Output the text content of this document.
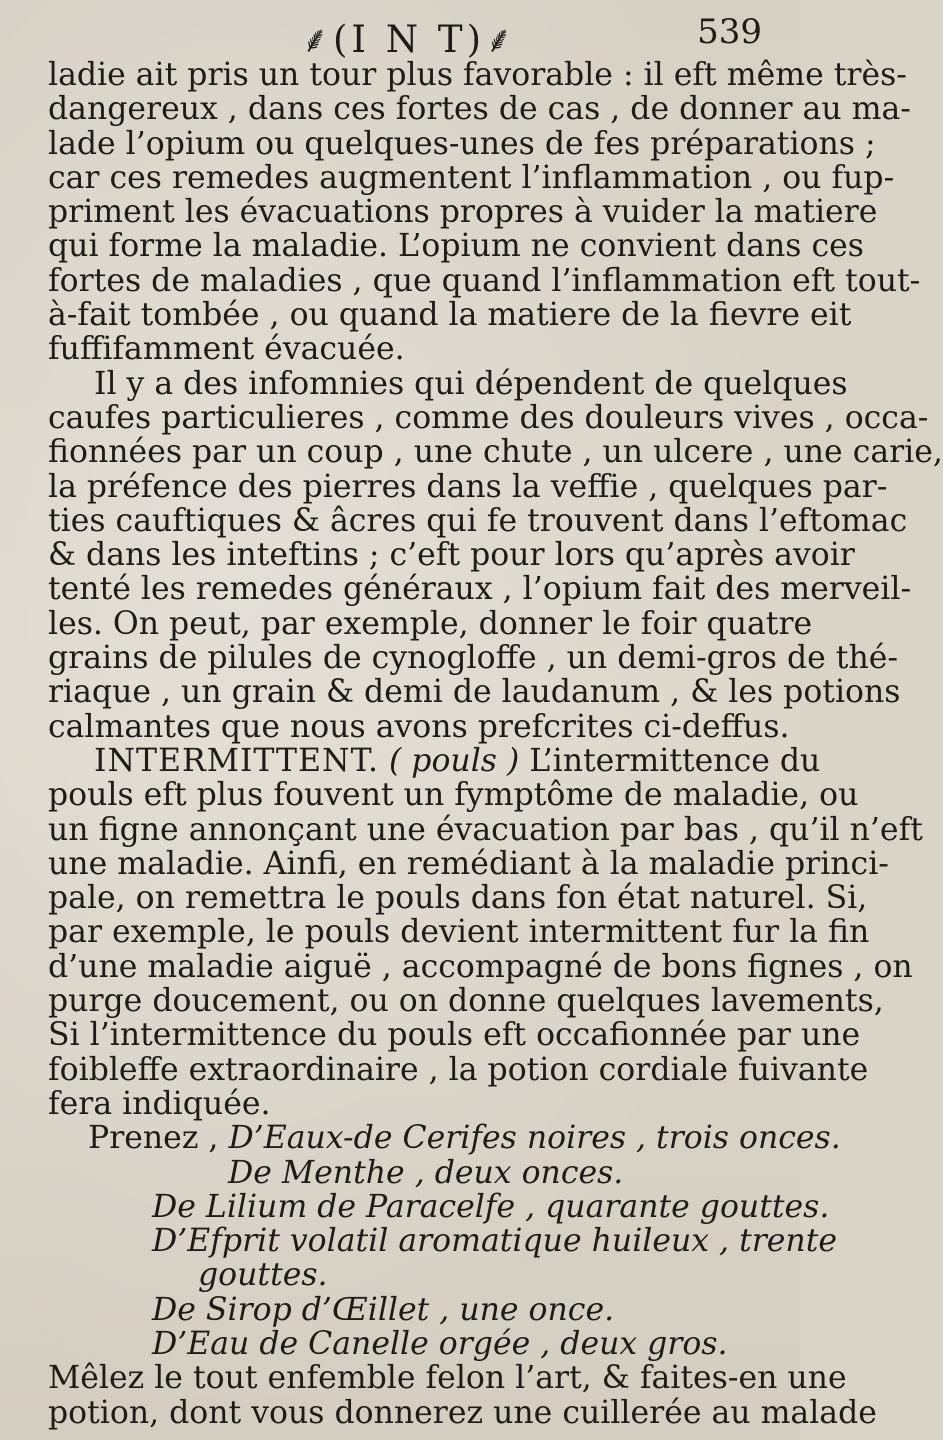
⸙(I N T)⸙	539
ladie ait pris un tour plus favorable : il eft même très-
dangereux , dans ces fortes de cas , de donner au ma-
lade l’opium ou quelques-unes de fes préparations ;
car ces remedes augmentent l’inflammation , ou fup-
priment les évacuations propres à vuider la matiere
qui forme la maladie. L’opium ne convient dans ces
fortes de maladies , que quand l’inflammation eft tout-
à-fait tombée , ou quand la matiere de la fievre eit
fuffifamment évacuée.
Il y a des infomnies qui dépendent de quelques
caufes particulieres , comme des douleurs vives , occa-
fionnées par un coup , une chute , un ulcere , une carie,
la préfence des pierres dans la veffie , quelques par-
ties cauftiques & âcres qui fe trouvent dans l’eftomac
& dans les inteftins ; c’eft pour lors qu’après avoir
tenté les remedes généraux , l’opium fait des merveil-
les. On peut, par exemple, donner le foir quatre
grains de pilules de cynogloffe , un demi-gros de thé-
riaque , un grain & demi de laudanum , & les potions
calmantes que nous avons prefcrites ci-deffus.
INTERMITTENT. ( pouls ) L’intermittence du
pouls eft plus fouvent un fymptôme de maladie, ou
un figne annonçant une évacuation par bas , qu’il n’eft
une maladie. Ainfi, en remédiant à la maladie princi-
pale, on remettra le pouls dans fon état naturel. Si,
par exemple, le pouls devient intermittent fur la fin
d’une maladie aiguë , accompagné de bons fignes , on
purge doucement, ou on donne quelques lavements,
Si l’intermittence du pouls eft occafionnée par une
foibleffe extraordinaire , la potion cordiale fuivante
fera indiquée.
Prenez , D’Eaux-de Cerifes noires , trois onces.
De Menthe , deux onces.
De Lilium de Paracelfe , quarante gouttes.
D’Efprit volatil aromatique huileux , trente
gouttes.
De Sirop d’Œillet , une once.
D’Eau de Canelle orgée , deux gros.
Mêlez le tout enfemble felon l’art, & faites-en une
potion, dont vous donnerez une cuillerée au malade
